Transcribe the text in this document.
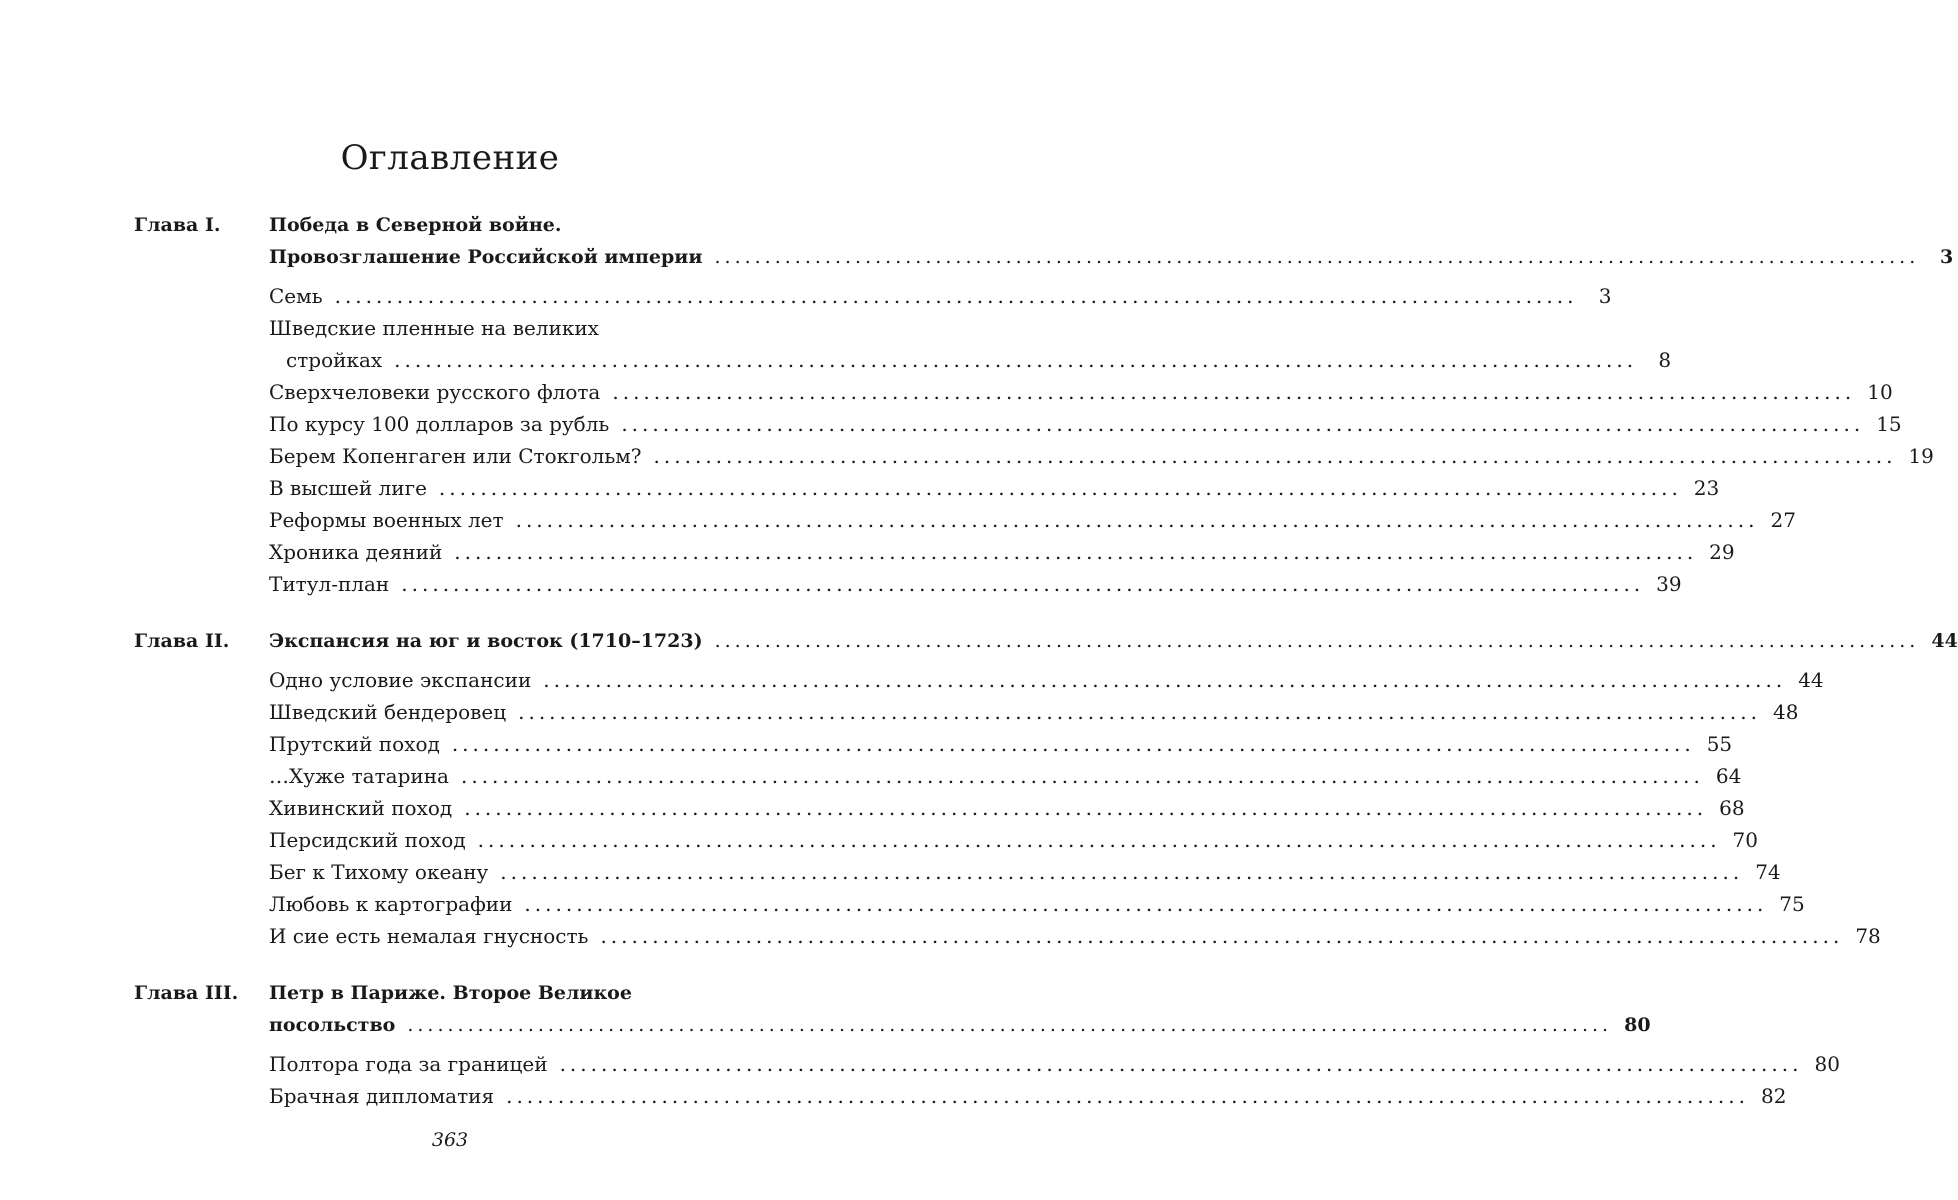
Оглавление
Глава I.	Победа в Северной войне.
Провозглашение Российской империи ........................................................................................................................	3
Семь ........................................................................................................................	3
Шведские пленные на великих
стройках ........................................................................................................................	8
Сверхчеловеки русского флота ........................................................................................................................ 10
По курсу 100 долларов за рубль ........................................................................................................................ 15
Берем Копенгаген или Стокгольм? ........................................................................................................................ 19
В высшей лиге ........................................................................................................................ 23
Реформы военных лет ........................................................................................................................ 27
Хроника деяний ........................................................................................................................ 29
Титул-план ........................................................................................................................ 39
Глава II. Экспансия на юг и восток (1710–1723) ........................................................................................................................ 44
Одно условие экспансии ........................................................................................................................ 44
Шведский бендеровец ........................................................................................................................ 48
Прутский поход ........................................................................................................................ 55
…Хуже татарина ........................................................................................................................ 64
Хивинский поход ........................................................................................................................ 68
Персидский поход ........................................................................................................................ 70
Бег к Тихому океану ........................................................................................................................ 74
Любовь к картографии ........................................................................................................................ 75
И сие есть немалая гнусность ........................................................................................................................ 78
Глава III. Петр в Париже. Второе Великое
посольство ........................................................................................................................ 80
Полтора года за границей ........................................................................................................................ 80
Брачная дипломатия ........................................................................................................................ 82
363
